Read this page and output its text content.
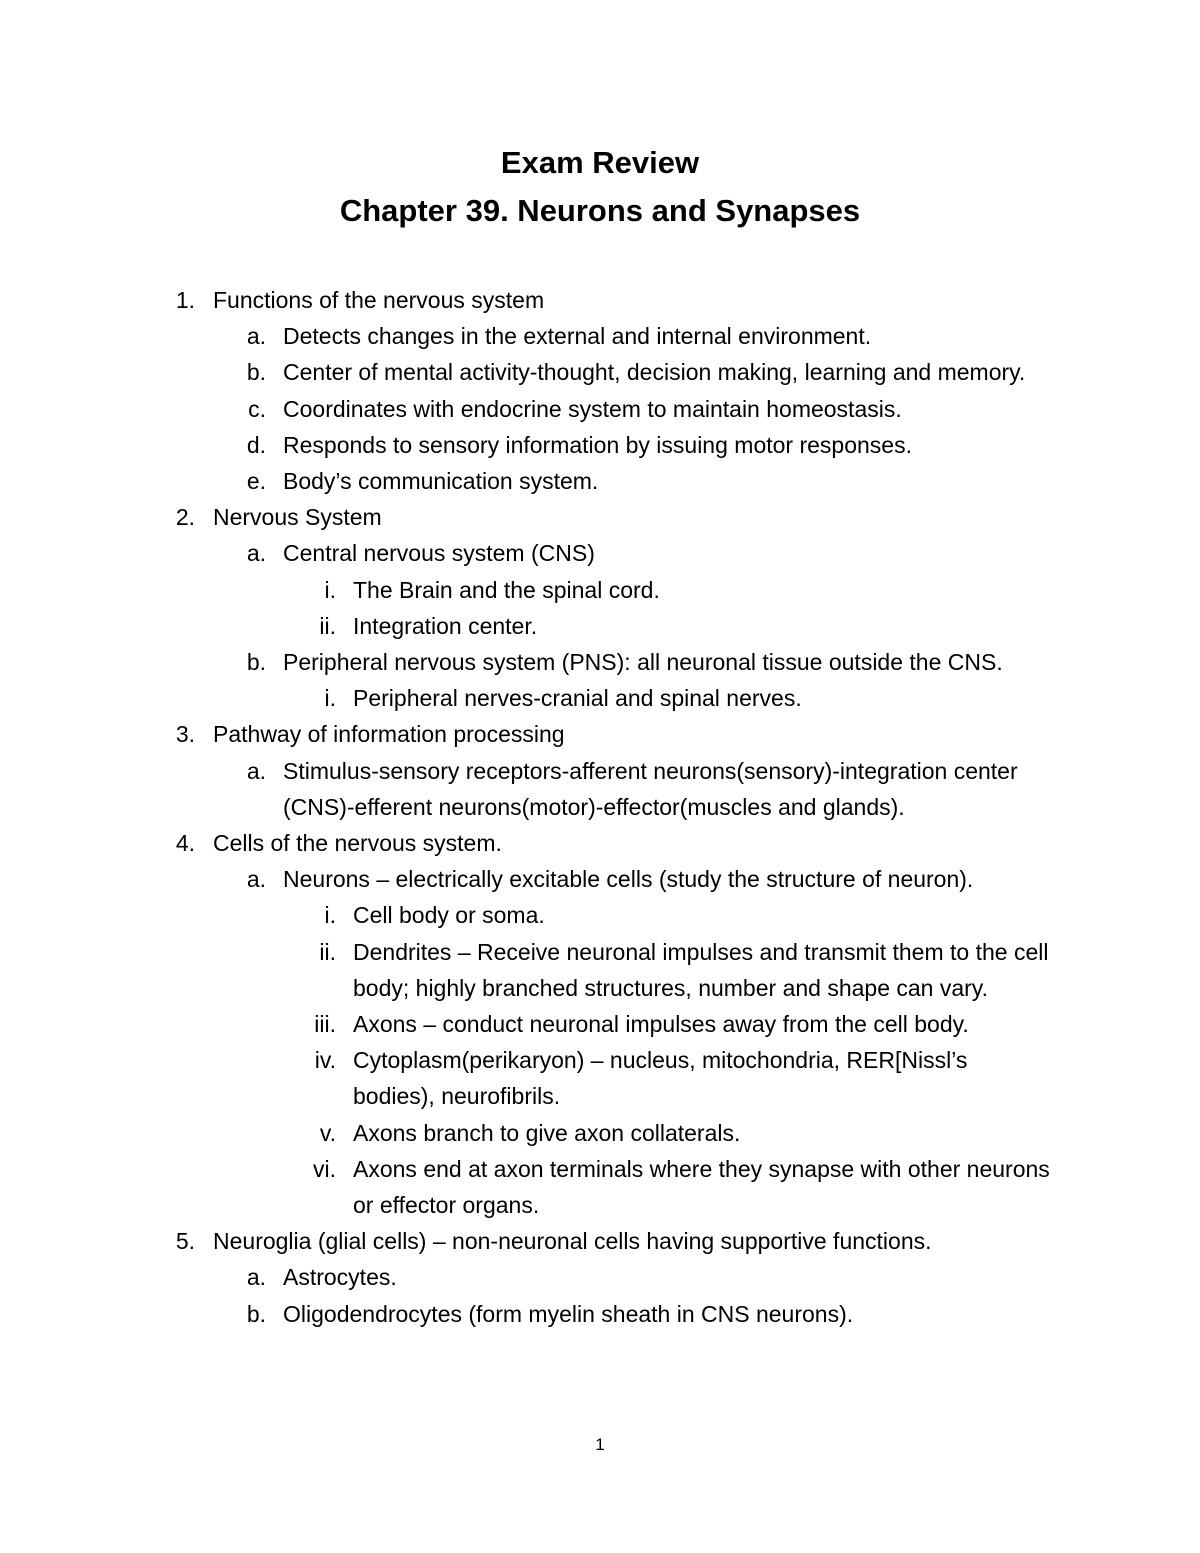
Exam Review
Chapter 39. Neurons and Synapses
1. Functions of the nervous system
a. Detects changes in the external and internal environment.
b. Center of mental activity-thought, decision making, learning and memory.
c. Coordinates with endocrine system to maintain homeostasis.
d. Responds to sensory information by issuing motor responses.
e. Body’s communication system.
2. Nervous System
a. Central nervous system (CNS)
i. The Brain and the spinal cord.
ii. Integration center.
b. Peripheral nervous system (PNS): all neuronal tissue outside the CNS.
i. Peripheral nerves-cranial and spinal nerves.
3. Pathway of information processing
a. Stimulus-sensory receptors-afferent neurons(sensory)-integration center (CNS)-efferent neurons(motor)-effector(muscles and glands).
4. Cells of the nervous system.
a. Neurons – electrically excitable cells (study the structure of neuron).
i. Cell body or soma.
ii. Dendrites – Receive neuronal impulses and transmit them to the cell body; highly branched structures, number and shape can vary.
iii. Axons – conduct neuronal impulses away from the cell body.
iv. Cytoplasm(perikaryon) – nucleus, mitochondria, RER[Nissl’s bodies), neurofibrils.
v. Axons branch to give axon collaterals.
vi. Axons end at axon terminals where they synapse with other neurons or effector organs.
5. Neuroglia (glial cells) – non-neuronal cells having supportive functions.
a. Astrocytes.
b. Oligodendrocytes (form myelin sheath in CNS neurons).
1
